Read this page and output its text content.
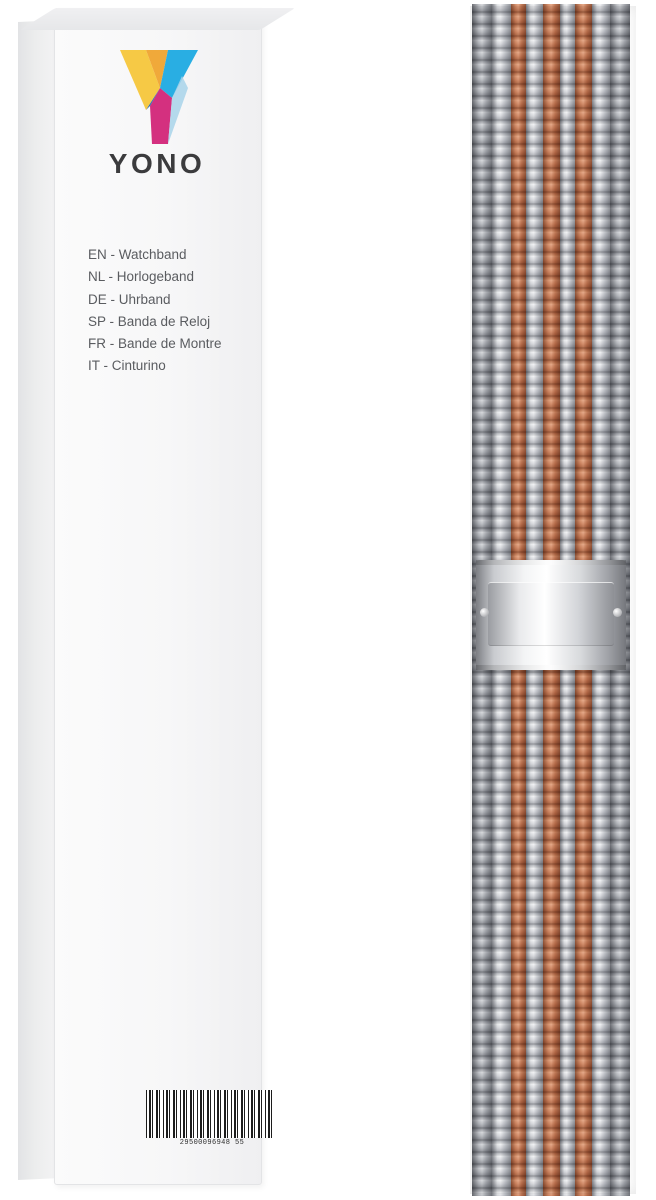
YONO
EN - Watchband
NL - Horlogeband
DE - Uhrband
SP - Banda de Reloj
FR - Bande de Montre
IT - Cinturino
29500096948 55
